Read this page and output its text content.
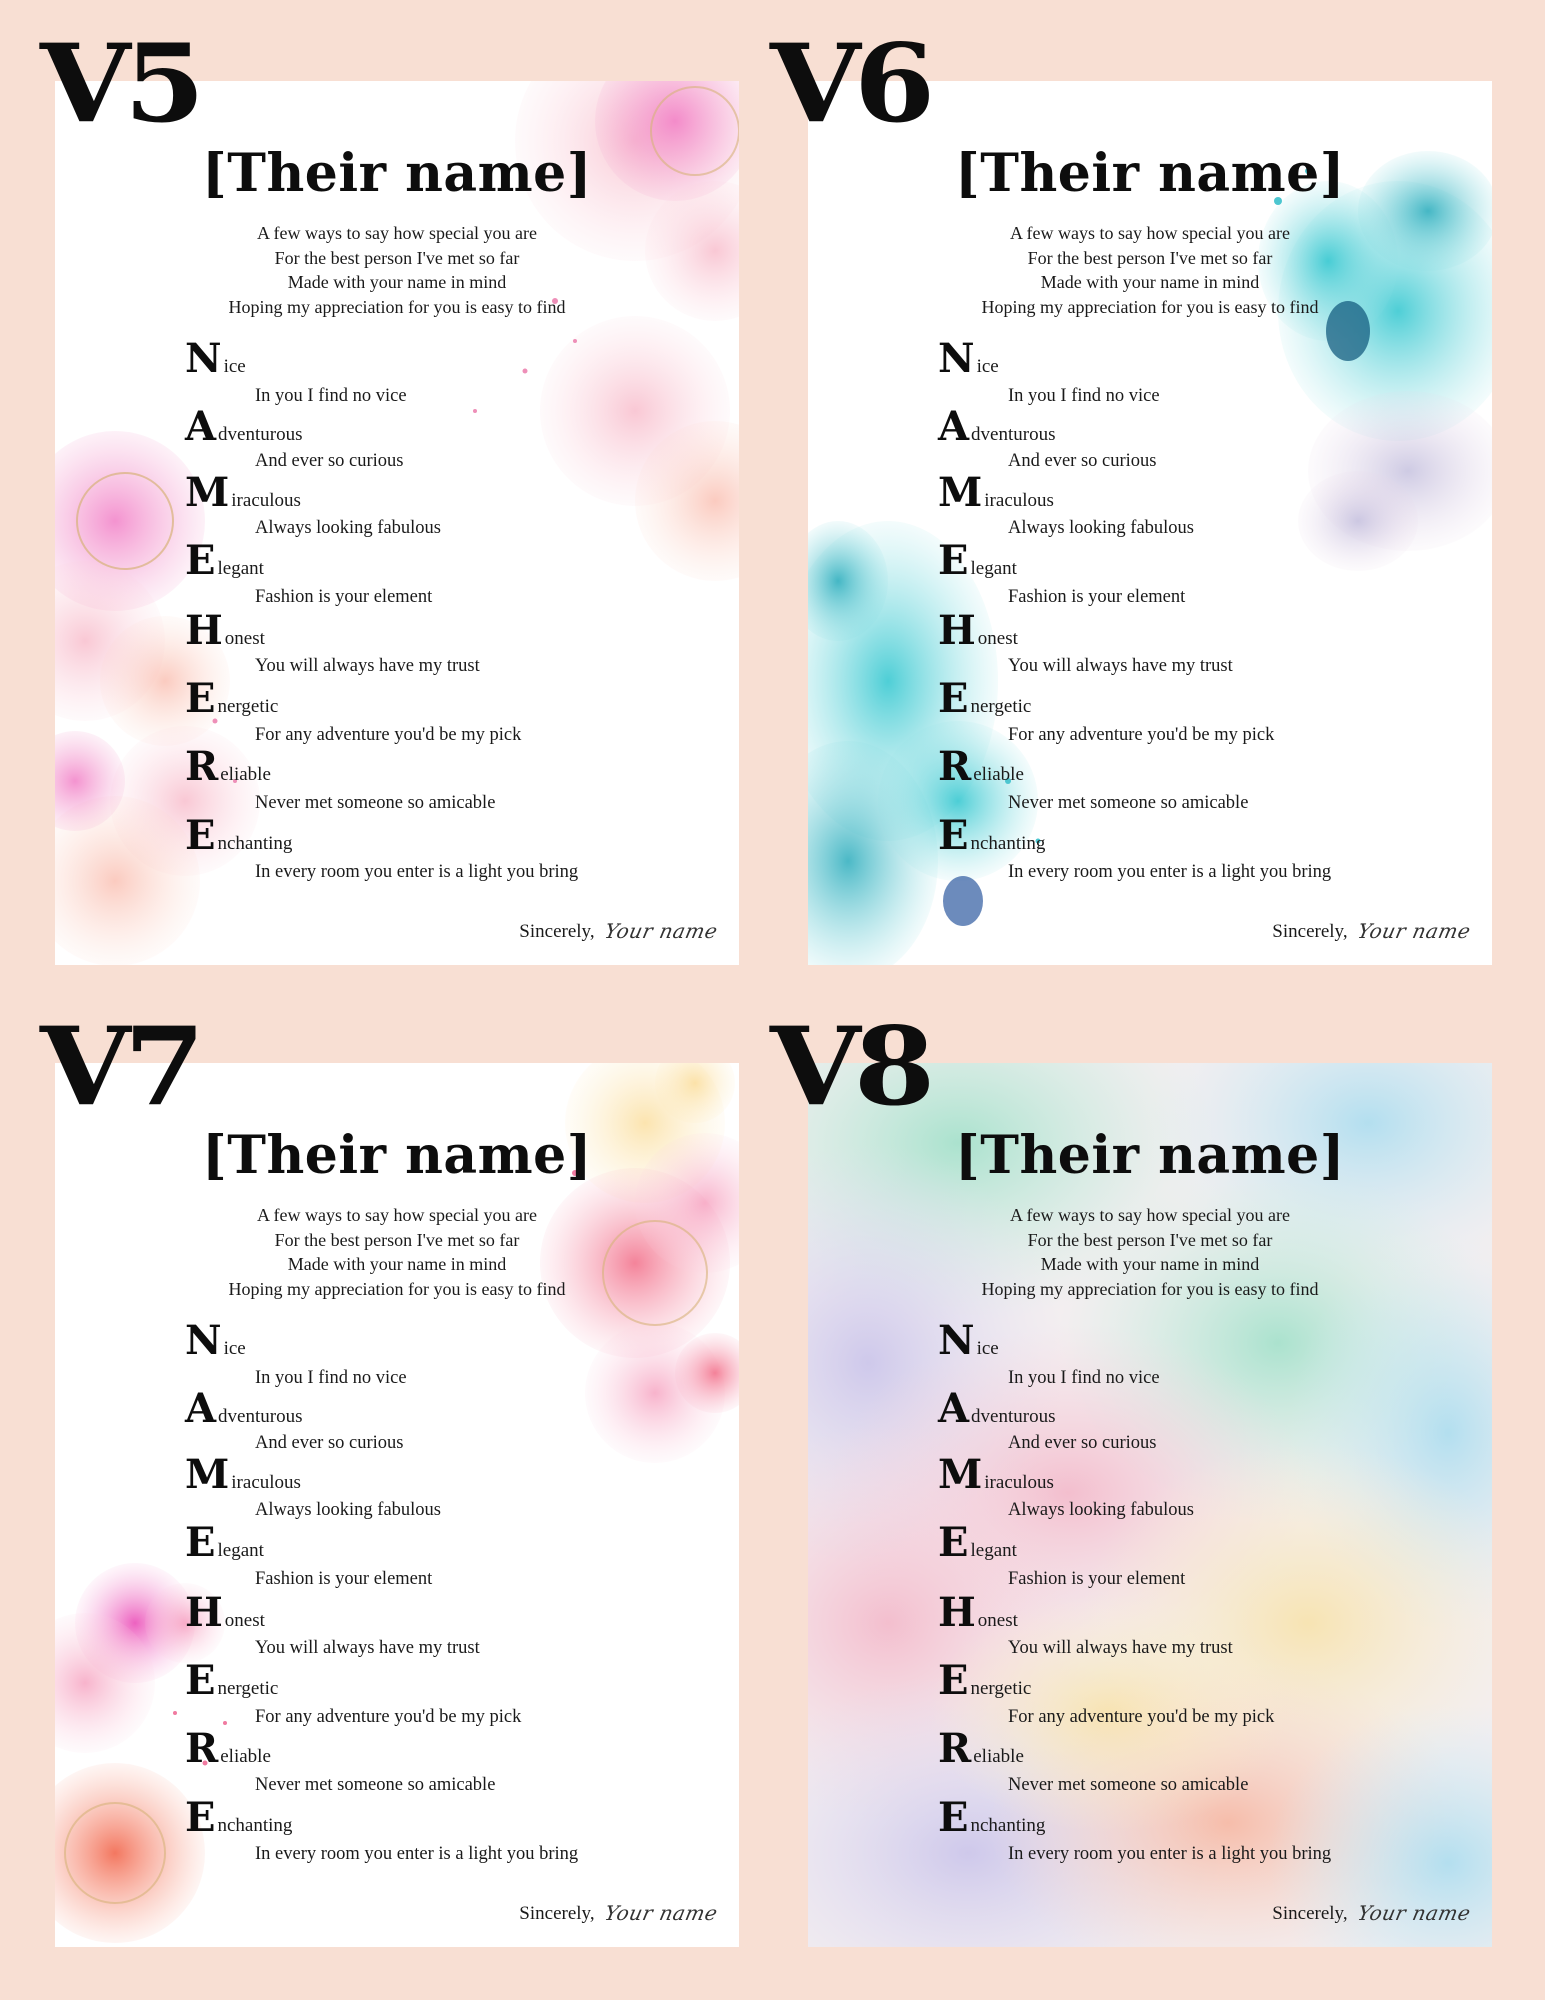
V5	V6
V7	V8
[Their name]
A few ways to say how special you are
For the best person I've met so far
Made with your name in mind
Hoping my appreciation for you is easy to find
N ice
In you I find no vice
A dventurous
And ever so curious
M iraculous
Always looking fabulous
E legant
Fashion is your element
H onest
You will always have my trust
E nergetic
For any adventure you'd be my pick
R eliable
Never met someone so amicable
E nchanting
In every room you enter is a light you bring
Sincerely, Your name
[Their name]
A few ways to say how special you are
For the best person I've met so far
Made with your name in mind
Hoping my appreciation for you is easy to find
N ice
In you I find no vice
A dventurous
And ever so curious
M iraculous
Always looking fabulous
E legant
Fashion is your element
H onest
You will always have my trust
E nergetic
For any adventure you'd be my pick
R eliable
Never met someone so amicable
E nchanting
In every room you enter is a light you bring
Sincerely, Your name
[Their name]
A few ways to say how special you are
For the best person I've met so far
Made with your name in mind
Hoping my appreciation for you is easy to find
N ice
In you I find no vice
A dventurous
And ever so curious
M iraculous
Always looking fabulous
E legant
Fashion is your element
H onest
You will always have my trust
E nergetic
For any adventure you'd be my pick
R eliable
Never met someone so amicable
E nchanting
In every room you enter is a light you bring
Sincerely, Your name
[Their name]
A few ways to say how special you are
For the best person I've met so far
Made with your name in mind
Hoping my appreciation for you is easy to find
N ice
In you I find no vice
A dventurous
And ever so curious
M iraculous
Always looking fabulous
E legant
Fashion is your element
H onest
You will always have my trust
E nergetic
For any adventure you'd be my pick
R eliable
Never met someone so amicable
E nchanting
In every room you enter is a light you bring
Sincerely, Your name
